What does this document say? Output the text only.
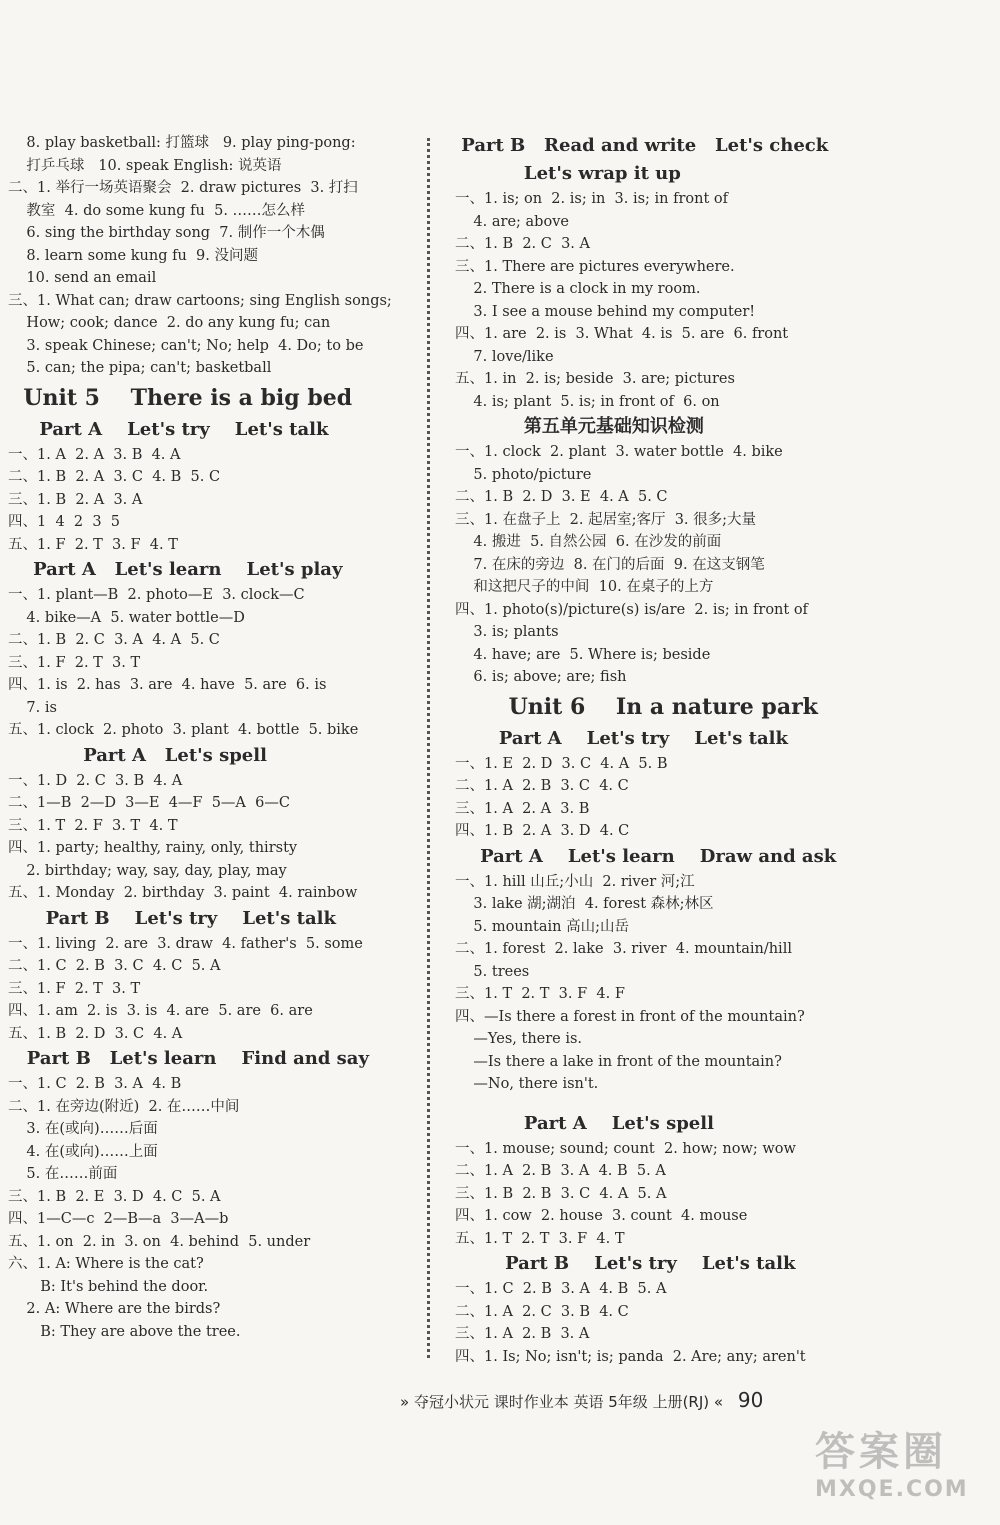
8. play basketball: 打篮球   9. play ping-pong:
打乒乓球   10. speak English: 说英语
二、1. 举行一场英语聚会  2. draw pictures  3. 打扫
教室  4. do some kung fu  5. ……怎么样
6. sing the birthday song  7. 制作一个木偶
8. learn some kung fu  9. 没问题
10. send an email
三、1. What can; draw cartoons; sing English songs;
How; cook; dance  2. do any kung fu; can
3. speak Chinese; can't; No; help  4. Do; to be
5. can; the pipa; can't; basketball
Unit 5    There is a big bed
Part A    Let's try    Let's talk
一、1. A  2. A  3. B  4. A
二、1. B  2. A  3. C  4. B  5. C
三、1. B  2. A  3. A
四、1  4  2  3  5
五、1. F  2. T  3. F  4. T
Part A   Let's learn    Let's play
一、1. plant—B  2. photo—E  3. clock—C
4. bike—A  5. water bottle—D
二、1. B  2. C  3. A  4. A  5. C
三、1. F  2. T  3. T
四、1. is  2. has  3. are  4. have  5. are  6. is
7. is
五、1. clock  2. photo  3. plant  4. bottle  5. bike
Part A   Let's spell
一、1. D  2. C  3. B  4. A
二、1—B  2—D  3—E  4—F  5—A  6—C
三、1. T  2. F  3. T  4. T
四、1. party; healthy, rainy, only, thirsty
2. birthday; way, say, day, play, may
五、1. Monday  2. birthday  3. paint  4. rainbow
Part B    Let's try    Let's talk
一、1. living  2. are  3. draw  4. father's  5. some
二、1. C  2. B  3. C  4. C  5. A
三、1. F  2. T  3. T
四、1. am  2. is  3. is  4. are  5. are  6. are
五、1. B  2. D  3. C  4. A
Part B   Let's learn    Find and say
一、1. C  2. B  3. A  4. B
二、1. 在旁边(附近)  2. 在……中间
3. 在(或向)……后面
4. 在(或向)……上面
5. 在……前面
三、1. B  2. E  3. D  4. C  5. A
四、1—C—c  2—B—a  3—A—b
五、1. on  2. in  3. on  4. behind  5. under
六、1. A: Where is the cat?
B: It's behind the door.
2. A: Where are the birds?
B: They are above the tree.
Part B   Read and write   Let's check
Let's wrap it up
一、1. is; on  2. is; in  3. is; in front of
4. are; above
二、1. B  2. C  3. A
三、1. There are pictures everywhere.
2. There is a clock in my room.
3. I see a mouse behind my computer!
四、1. are  2. is  3. What  4. is  5. are  6. front
7. love/like
五、1. in  2. is; beside  3. are; pictures
4. is; plant  5. is; in front of  6. on
第五单元基础知识检测
一、1. clock  2. plant  3. water bottle  4. bike
5. photo/picture
二、1. B  2. D  3. E  4. A  5. C
三、1. 在盘子上  2. 起居室;客厅  3. 很多;大量
4. 搬进  5. 自然公园  6. 在沙发的前面
7. 在床的旁边  8. 在门的后面  9. 在这支钢笔
和这把尺子的中间  10. 在桌子的上方
四、1. photo(s)/picture(s) is/are  2. is; in front of
3. is; plants
4. have; are  5. Where is; beside
6. is; above; are; fish
Unit 6    In a nature park
Part A    Let's try    Let's talk
一、1. E  2. D  3. C  4. A  5. B
二、1. A  2. B  3. C  4. C
三、1. A  2. A  3. B
四、1. B  2. A  3. D  4. C
Part A    Let's learn    Draw and ask
一、1. hill 山丘;小山  2. river 河;江
3. lake 湖;湖泊  4. forest 森林;林区
5. mountain 高山;山岳
二、1. forest  2. lake  3. river  4. mountain/hill
5. trees
三、1. T  2. T  3. F  4. F
四、—Is there a forest in front of the mountain?
—Yes, there is.
—Is there a lake in front of the mountain?
—No, there isn't.
Part A    Let's spell
一、1. mouse; sound; count  2. how; now; wow
二、1. A  2. B  3. A  4. B  5. A
三、1. B  2. B  3. C  4. A  5. A
四、1. cow  2. house  3. count  4. mouse
五、1. T  2. T  3. F  4. T
Part B    Let's try    Let's talk
一、1. C  2. B  3. A  4. B  5. A
二、1. A  2. C  3. B  4. C
三、1. A  2. B  3. A
四、1. Is; No; isn't; is; panda  2. Are; any; aren't
» 夺冠小状元 课时作业本 英语 5年级 上册(RJ) « 90
答案圈
MXQE.COM
